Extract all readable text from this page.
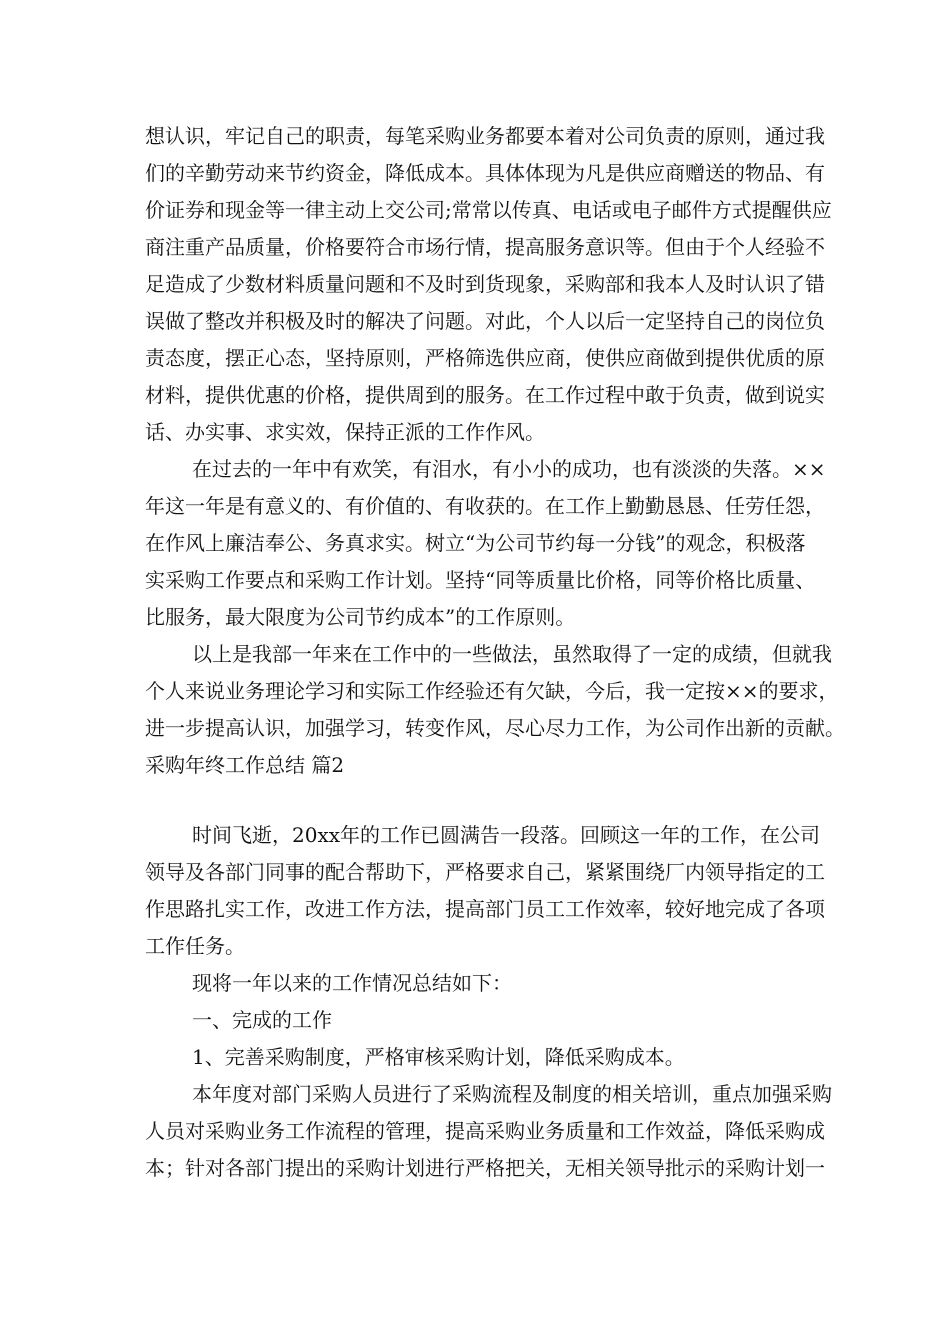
想认识，牢记自己的职责，每笔采购业务都要本着对公司负责的原则，通过我
们的辛勤劳动来节约资金，降低成本。具体体现为凡是供应商赠送的物品、有
价证券和现金等一律主动上交公司;常常以传真、电话或电子邮件方式提醒供应
商注重产品质量，价格要符合市场行情，提高服务意识等。但由于个人经验不
足造成了少数材料质量问题和不及时到货现象，采购部和我本人及时认识了错
误做了整改并积极及时的解决了问题。对此，个人以后一定坚持自己的岗位负
责态度，摆正心态，坚持原则，严格筛选供应商，使供应商做到提供优质的原
材料，提供优惠的价格，提供周到的服务。在工作过程中敢于负责，做到说实
话、办实事、求实效，保持正派的工作作风。
在过去的一年中有欢笑，有泪水，有小小的成功，也有淡淡的失落。××
年这一年是有意义的、有价值的、有收获的。在工作上勤勤恳恳、任劳任怨，
在作风上廉洁奉公、务真求实。树立“为公司节约每一分钱”的观念，积极落
实采购工作要点和采购工作计划。坚持“同等质量比价格，同等价格比质量、
比服务，最大限度为公司节约成本”的工作原则。
以上是我部一年来在工作中的一些做法，虽然取得了一定的成绩，但就我
个人来说业务理论学习和实际工作经验还有欠缺，今后，我一定按××的要求，
进一步提高认识，加强学习，转变作风，尽心尽力工作，为公司作出新的贡献。
采购年终工作总结 篇2
时间飞逝，20xx年的工作已圆满告一段落。回顾这一年的工作，在公司
领导及各部门同事的配合帮助下，严格要求自己，紧紧围绕厂内领导指定的工
作思路扎实工作，改进工作方法，提高部门员工工作效率，较好地完成了各项
工作任务。
现将一年以来的工作情况总结如下：
一、完成的工作
1、完善采购制度，严格审核采购计划，降低采购成本。
本年度对部门采购人员进行了采购流程及制度的相关培训，重点加强采购
人员对采购业务工作流程的管理，提高采购业务质量和工作效益，降低采购成
本；针对各部门提出的采购计划进行严格把关，无相关领导批示的采购计划一
